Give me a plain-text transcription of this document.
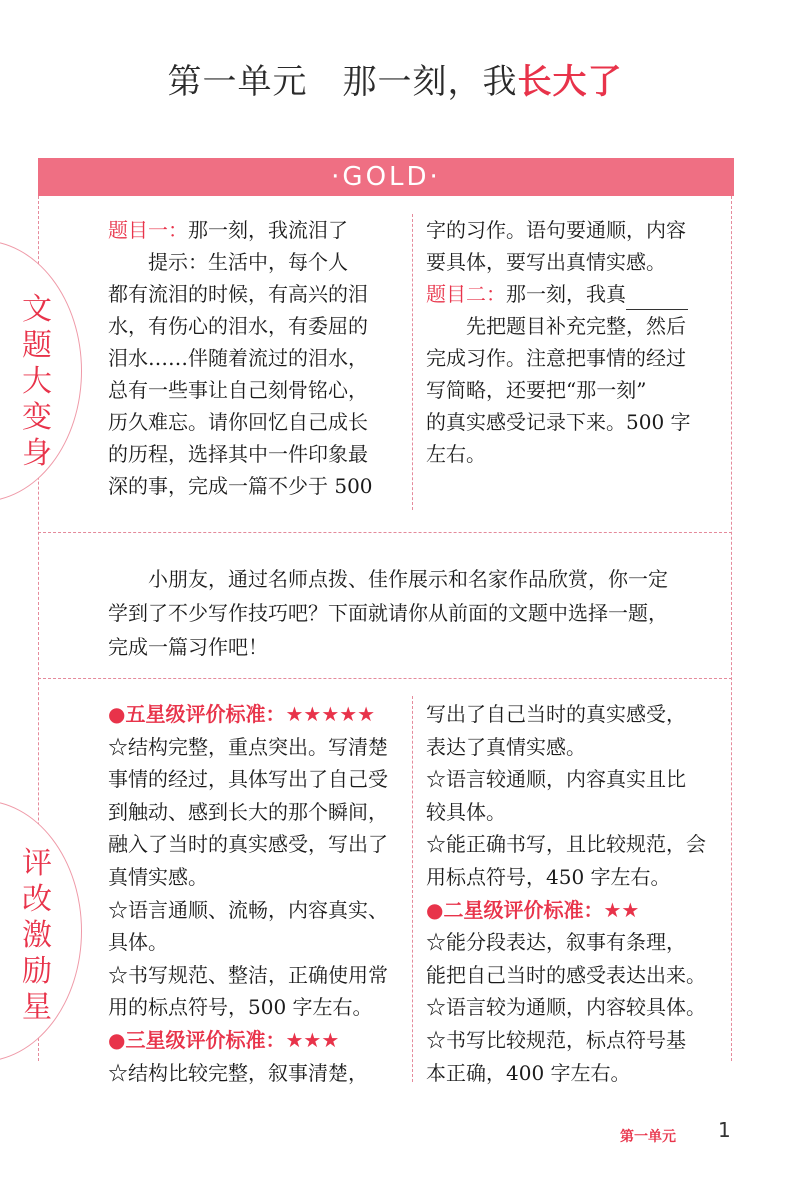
第一单元　那一刻，我长大了
·GOLD·
文
题
大
变
身

题目一：那一刻，我流泪了

提示：生活中，每个人

都有流泪的时候，有高兴的泪

水，有伤心的泪水，有委屈的

泪水……伴随着流过的泪水，

总有一些事让自己刻骨铭心，

历久难忘。请你回忆自己成长

的历程，选择其中一件印象最

深的事，完成一篇不少于 500

字的习作。语句要通顺，内容

要具体，要写出真情实感。

题目二：那一刻，我真

先把题目补充完整，然后

完成习作。注意把事情的经过

写简略，还要把“那一刻”

的真实感受记录下来。500 字

左右。

小朋友，通过名师点拨、佳作展示和名家作品欣赏，你一定

学到了不少写作技巧吧？下面就请你从前面的文题中选择一题，

完成一篇习作吧！

评
改
激
励
星

●五星级评价标准：★★★★★

☆结构完整，重点突出。写清楚

事情的经过，具体写出了自己受

到触动、感到长大的那个瞬间，

融入了当时的真实感受，写出了

真情实感。

☆语言通顺、流畅，内容真实、

具体。

☆书写规范、整洁，正确使用常

用的标点符号，500 字左右。

●三星级评价标准：★★★

☆结构比较完整，叙事清楚，

写出了自己当时的真实感受，

表达了真情实感。

☆语言较通顺，内容真实且比

较具体。

☆能正确书写，且比较规范，会

用标点符号，450 字左右。

●二星级评价标准：★★

☆能分段表达，叙事有条理，

能把自己当时的感受表达出来。

☆语言较为通顺，内容较具体。

☆书写比较规范，标点符号基

本正确，400 字左右。

第一单元 1
